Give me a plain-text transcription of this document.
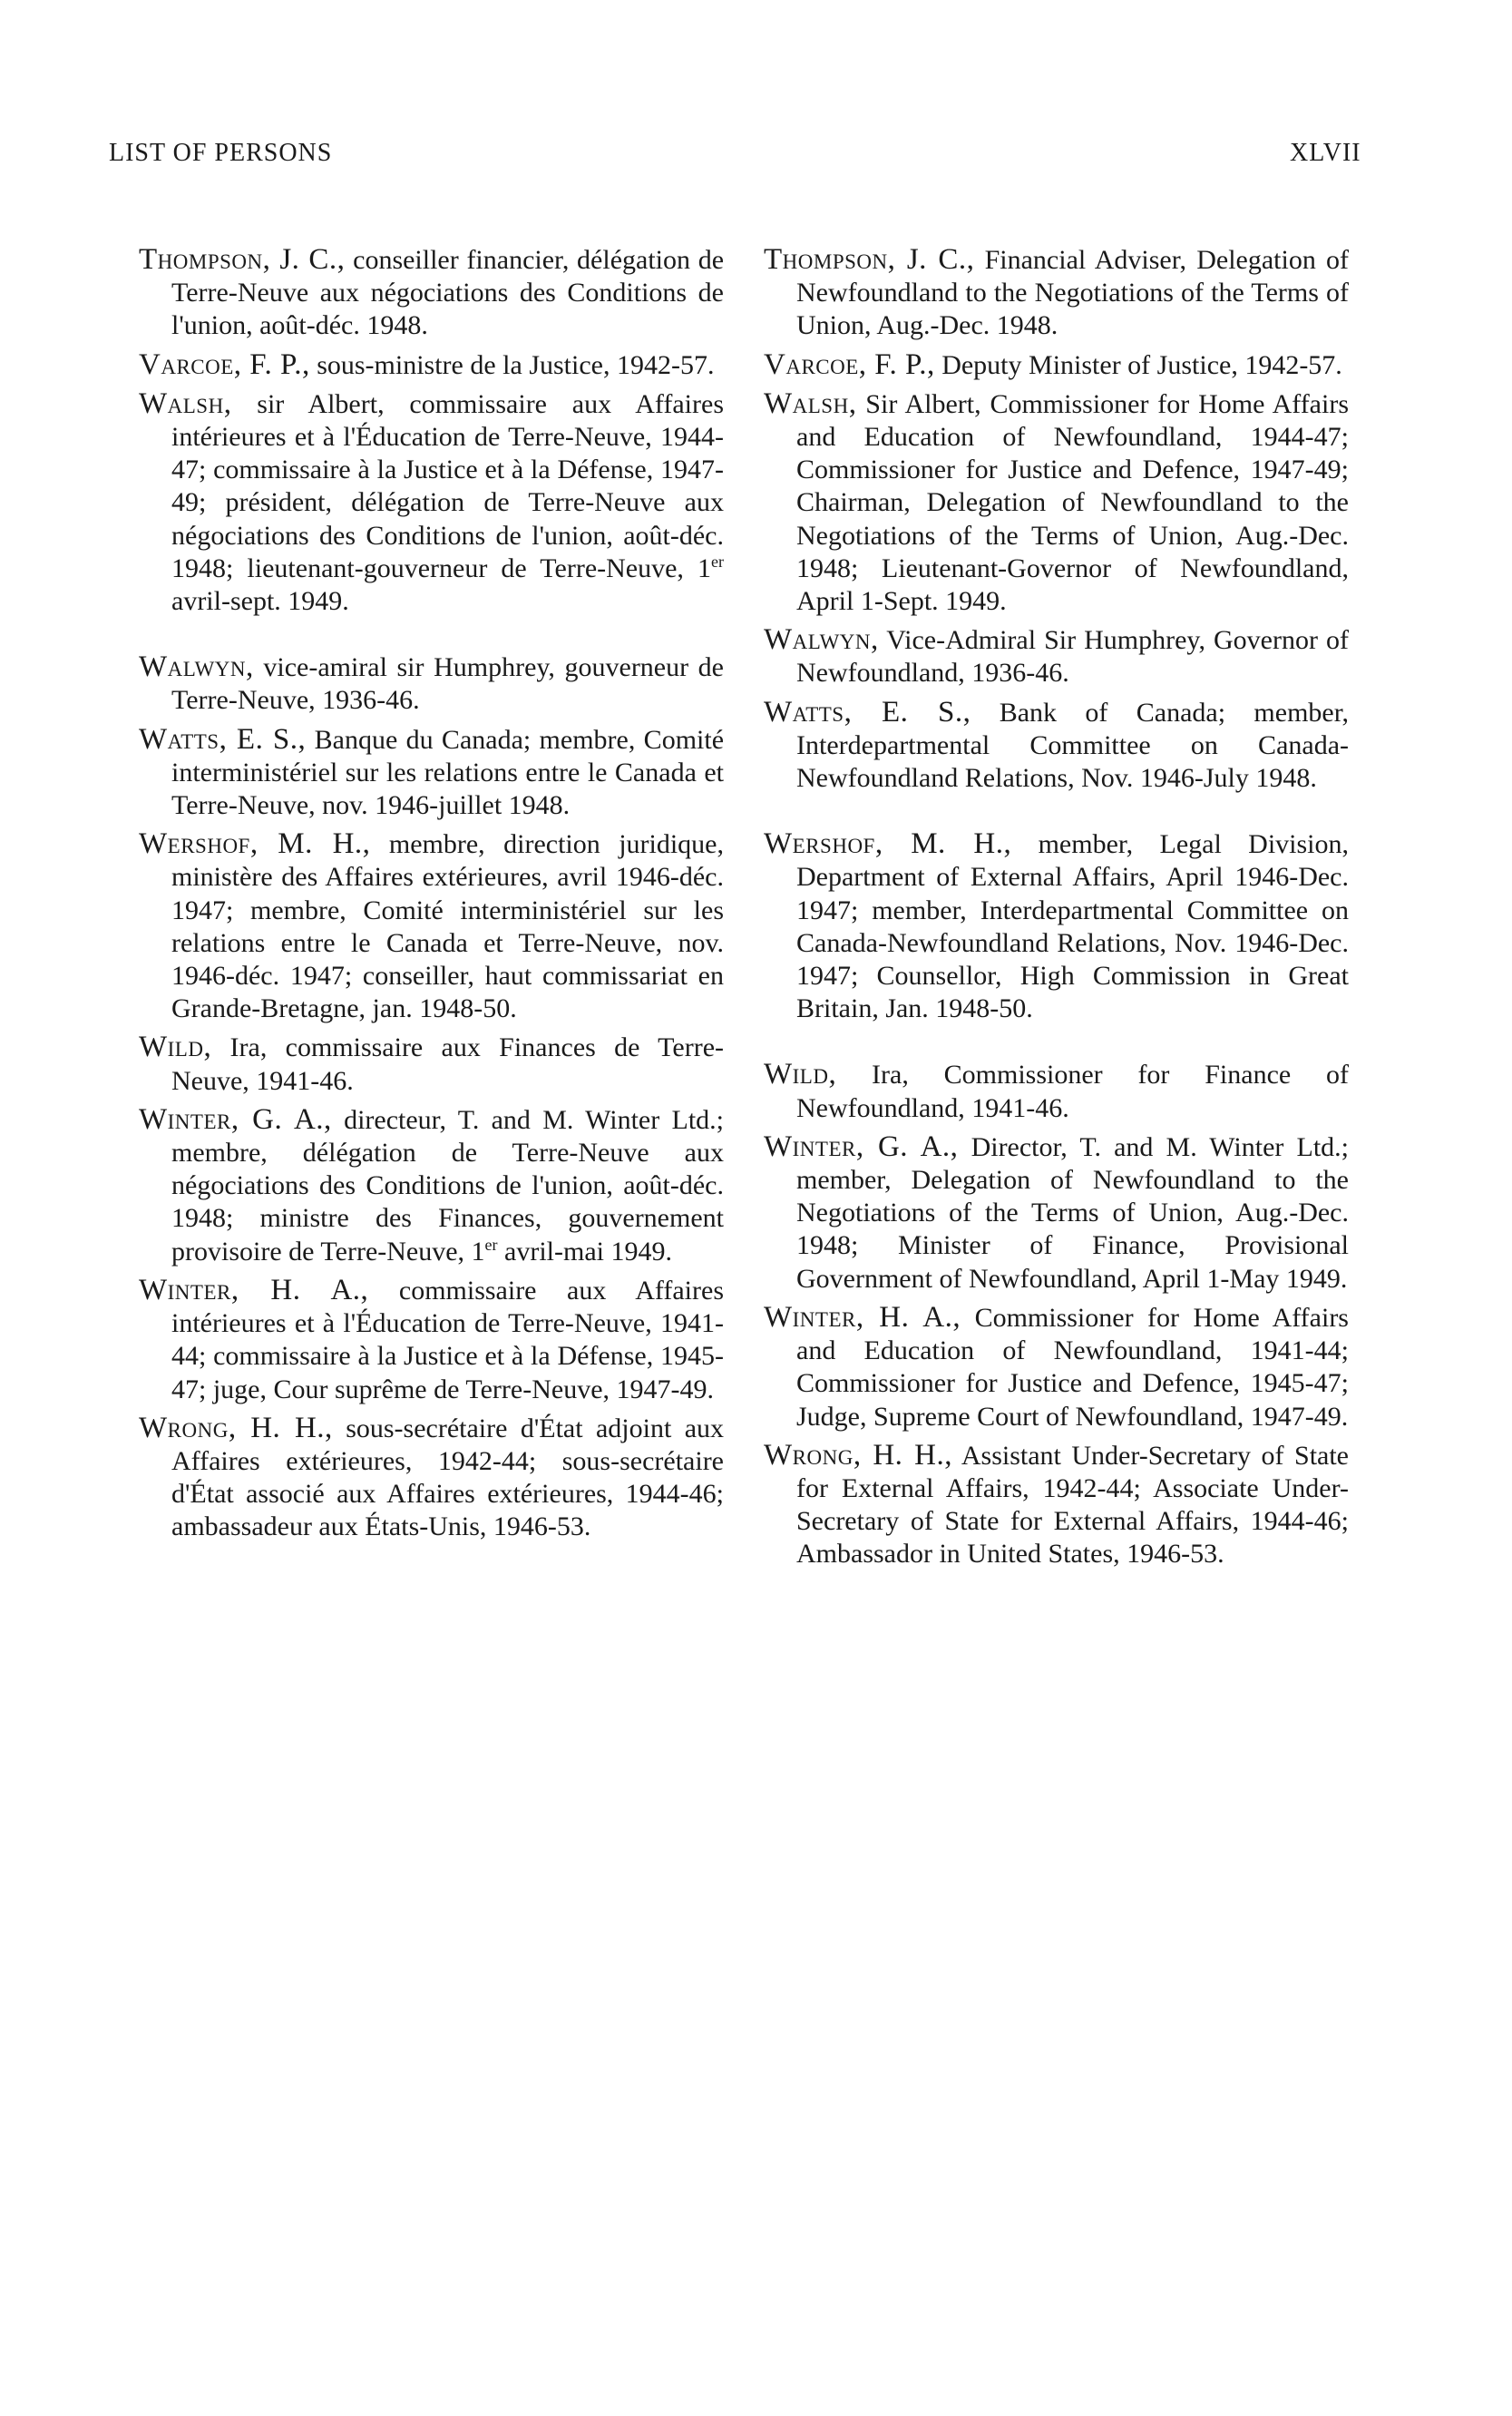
LIST OF PERSONS	XLVII
Thompson, J. C., conseiller financier, délégation de Terre-Neuve aux négociations des Conditions de l'union, août-déc. 1948.
Varcoe, F. P., sous-ministre de la Justice, 1942-57.
Walsh, sir Albert, commissaire aux Affaires intérieures et à l'Éducation de Terre-Neuve, 1944-47; commissaire à la Justice et à la Défense, 1947-49; président, délégation de Terre-Neuve aux négociations des Conditions de l'union, août-déc. 1948; lieutenant-gouverneur de Terre-Neuve, 1er avril-sept. 1949.
Walwyn, vice-amiral sir Humphrey, gouverneur de Terre-Neuve, 1936-46.
Watts, E. S., Banque du Canada; membre, Comité interministériel sur les relations entre le Canada et Terre-Neuve, nov. 1946-juillet 1948.
Wershof, M. H., membre, direction juridique, ministère des Affaires extérieures, avril 1946-déc. 1947; membre, Comité interministériel sur les relations entre le Canada et Terre-Neuve, nov. 1946-déc. 1947; conseiller, haut commissariat en Grande-Bretagne, jan. 1948-50.
Wild, Ira, commissaire aux Finances de Terre-Neuve, 1941-46.
Winter, G. A., directeur, T. and M. Winter Ltd.; membre, délégation de Terre-Neuve aux négociations des Conditions de l'union, août-déc. 1948; ministre des Finances, gouvernement provisoire de Terre-Neuve, 1er avril-mai 1949.
Winter, H. A., commissaire aux Affaires intérieures et à l'Éducation de Terre-Neuve, 1941-44; commissaire à la Justice et à la Défense, 1945-47; juge, Cour suprême de Terre-Neuve, 1947-49.
Wrong, H. H., sous-secrétaire d'État adjoint aux Affaires extérieures, 1942-44; sous-secrétaire d'État associé aux Affaires extérieures, 1944-46; ambassadeur aux États-Unis, 1946-53.
Thompson, J. C., Financial Adviser, Delegation of Newfoundland to the Negotiations of the Terms of Union, Aug.-Dec. 1948.
Varcoe, F. P., Deputy Minister of Justice, 1942-57.
Walsh, Sir Albert, Commissioner for Home Affairs and Education of Newfoundland, 1944-47; Commissioner for Justice and Defence, 1947-49; Chairman, Delegation of Newfoundland to the Negotiations of the Terms of Union, Aug.-Dec. 1948; Lieutenant-Governor of Newfoundland, April 1-Sept. 1949.
Walwyn, Vice-Admiral Sir Humphrey, Governor of Newfoundland, 1936-46.
Watts, E. S., Bank of Canada; member, Interdepartmental Committee on Canada-Newfoundland Relations, Nov. 1946-July 1948.
Wershof, M. H., member, Legal Division, Department of External Affairs, April 1946-Dec. 1947; member, Interdepartmental Committee on Canada-Newfoundland Relations, Nov. 1946-Dec. 1947; Counsellor, High Commission in Great Britain, Jan. 1948-50.
Wild, Ira, Commissioner for Finance of Newfoundland, 1941-46.
Winter, G. A., Director, T. and M. Winter Ltd.; member, Delegation of Newfoundland to the Negotiations of the Terms of Union, Aug.-Dec. 1948; Minister of Finance, Provisional Government of Newfoundland, April 1-May 1949.
Winter, H. A., Commissioner for Home Affairs and Education of Newfoundland, 1941-44; Commissioner for Justice and Defence, 1945-47; Judge, Supreme Court of Newfoundland, 1947-49.
Wrong, H. H., Assistant Under-Secretary of State for External Affairs, 1942-44; Associate Under-Secretary of State for External Affairs, 1944-46; Ambassador in United States, 1946-53.
